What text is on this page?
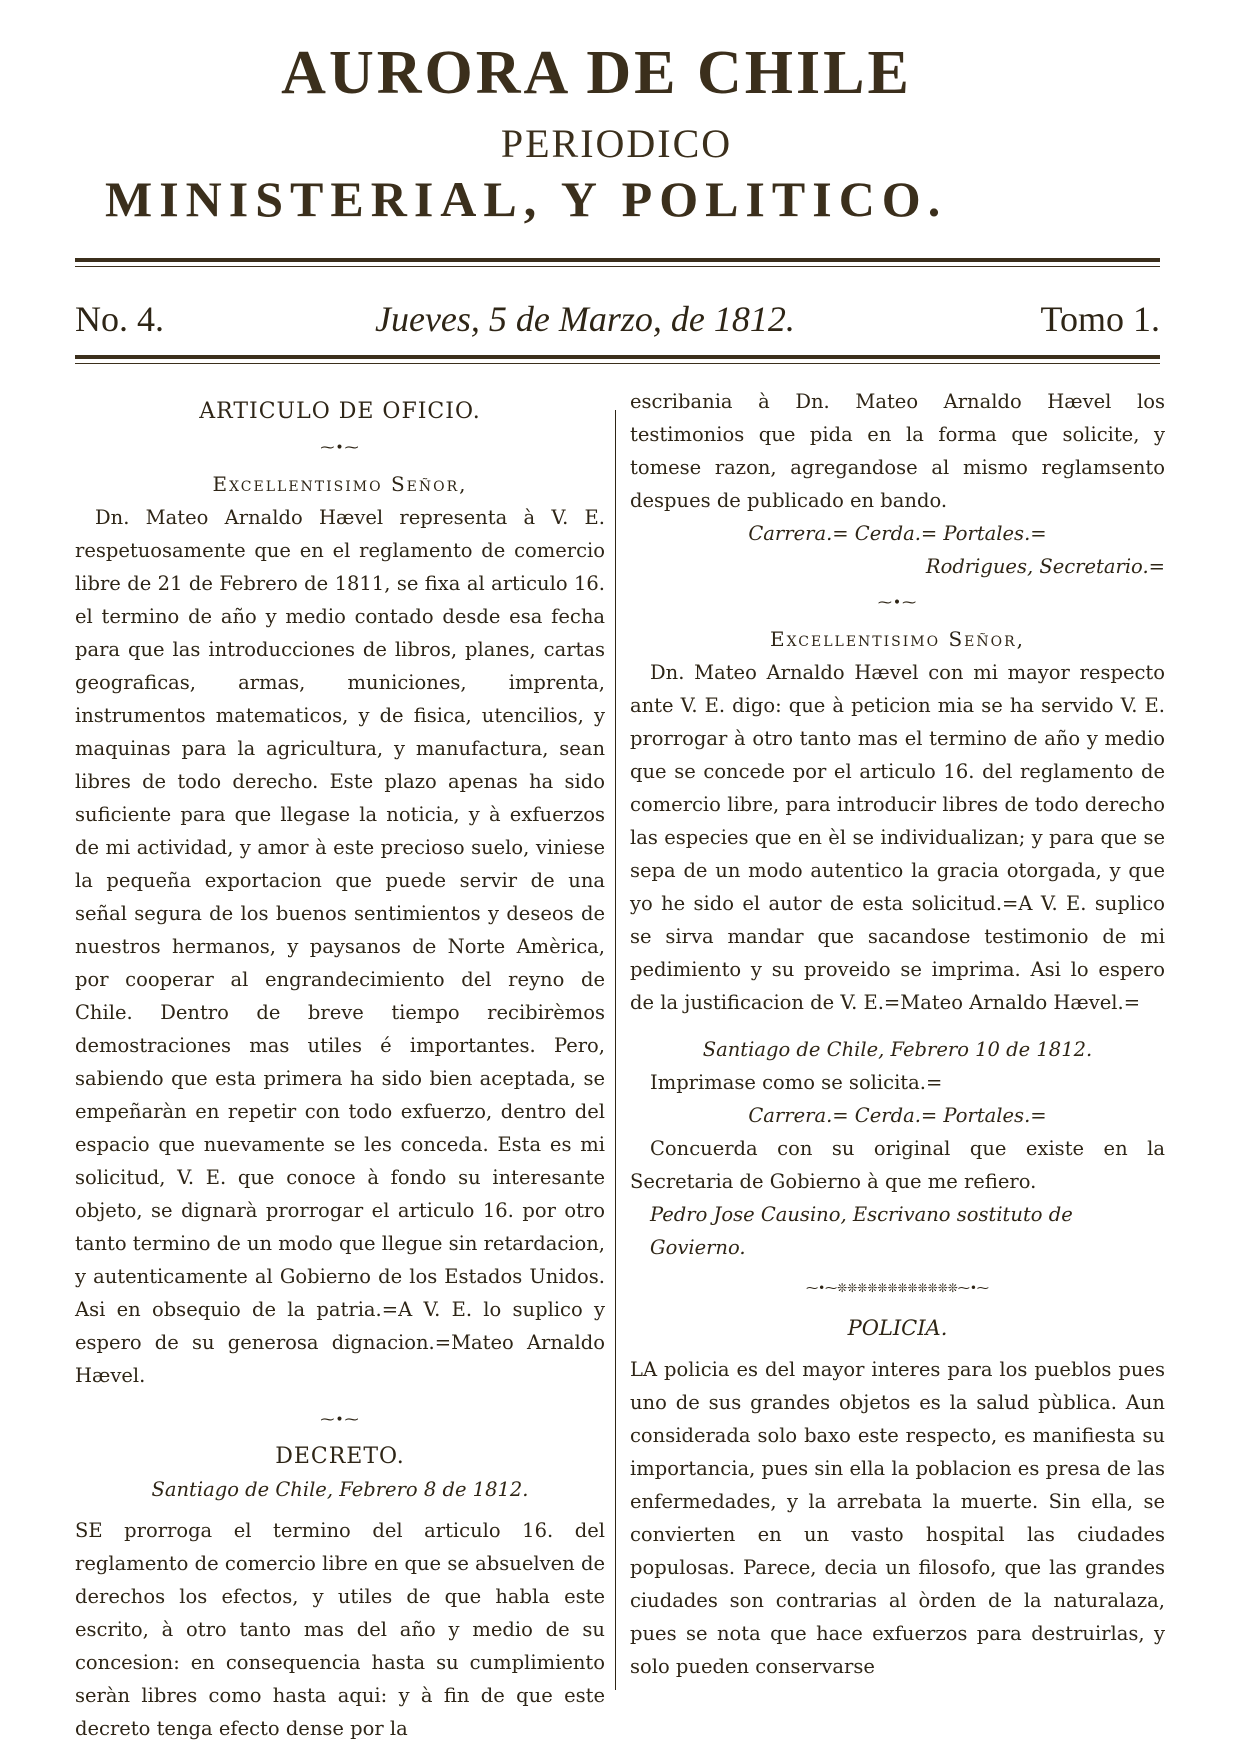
AURORA DE CHILE
PERIODICO
MINISTERIAL, Y POLITICO.
No. 4.	Jueves, 5 de Marzo, de 1812.	Tomo 1.

ARTICULO DE OFICIO.

⁓•⁓

Excellentisimo Señor,

Dn. Mateo Arnaldo Hævel representa à V. E. respetuosamente que en el reglamento de comercio libre de 21 de Febrero de 1811, se fixa al articulo 16. el termino de año y medio contado desde esa fecha para que las introducciones de libros, planes, cartas geograficas, armas, municiones, imprenta, instrumentos matematicos, y de fisica, utencilios, y maquinas para la agricultura, y manufactura, sean libres de todo derecho. Este plazo apenas ha sido suficiente para que llegase la noticia, y à exfuerzos de mi actividad, y amor à este precioso suelo, viniese la pequeña exportacion que puede servir de una señal segura de los buenos sentimientos y deseos de nuestros hermanos, y paysanos de Norte Amèrica, por cooperar al engrandecimiento del reyno de Chile. Dentro de breve tiempo recibirèmos demostraciones mas utiles é importantes. Pero, sabiendo que esta primera ha sido bien aceptada, se empeñaràn en repetir con todo exfuerzo, dentro del espacio que nuevamente se les conceda. Esta es mi solicitud, V. E. que conoce à fondo su interesante objeto, se dignarà prorrogar el articulo 16. por otro tanto termino de un modo que llegue sin retardacion, y autenticamente al Gobierno de los Estados Unidos. Asi en obsequio de la patria.=A V. E. lo suplico y espero de su generosa dignacion.=Mateo Arnaldo Hævel.

⁓•⁓

DECRETO.

Santiago de Chile, Febrero 8 de 1812.

SE prorroga el termino del articulo 16. del reglamento de comercio libre en que se absuelven de derechos los efectos, y utiles de que habla este escrito, à otro tanto mas del año y medio de su concesion: en consequencia hasta su cumplimiento seràn libres como hasta aqui: y à fin de que este decreto tenga efecto dense por la

escribania à Dn. Mateo Arnaldo Hævel los testimonios que pida en la forma que solicite, y tomese razon, agregandose al mismo reglamsento despues de publicado en bando.

Carrera.= Cerda.= Portales.=

Rodrigues, Secretario.=

⁓•⁓

Excellentisimo Señor,

Dn. Mateo Arnaldo Hævel con mi mayor respecto ante V. E. digo: que à peticion mia se ha servido V. E. prorrogar à otro tanto mas el termino de año y medio que se concede por el articulo 16. del reglamento de comercio libre, para introducir libres de todo derecho las especies que en èl se individualizan; y para que se sepa de un modo autentico la gracia otorgada, y que yo he sido el autor de esta solicitud.=A V. E. suplico se sirva mandar que sacandose testimonio de mi pedimiento y su proveido se imprima. Asi lo espero de la justificacion de V. E.=Mateo Arnaldo Hævel.=

Santiago de Chile, Febrero 10 de 1812.

Imprimase como se solicita.=

Carrera.= Cerda.= Portales.=

Concuerda con su original que existe en la Secretaria de Gobierno à que me refiero.

Pedro Jose Causino, Escrivano sostituto de Govierno.

⁓•⁓❊❊❊❊❊❊❊❊❊❊❊❊⁓•⁓

POLICIA.

LA policia es del mayor interes para los pueblos pues uno de sus grandes objetos es la salud pùblica. Aun considerada solo baxo este respecto, es manifiesta su importancia, pues sin ella la poblacion es presa de las enfermedades, y la arrebata la muerte. Sin ella, se convierten en un vasto hospital las ciudades populosas. Parece, decia un filosofo, que las grandes ciudades son contrarias al òrden de la naturalaza, pues se nota que hace exfuerzos para destruirlas, y solo pueden conservarse
